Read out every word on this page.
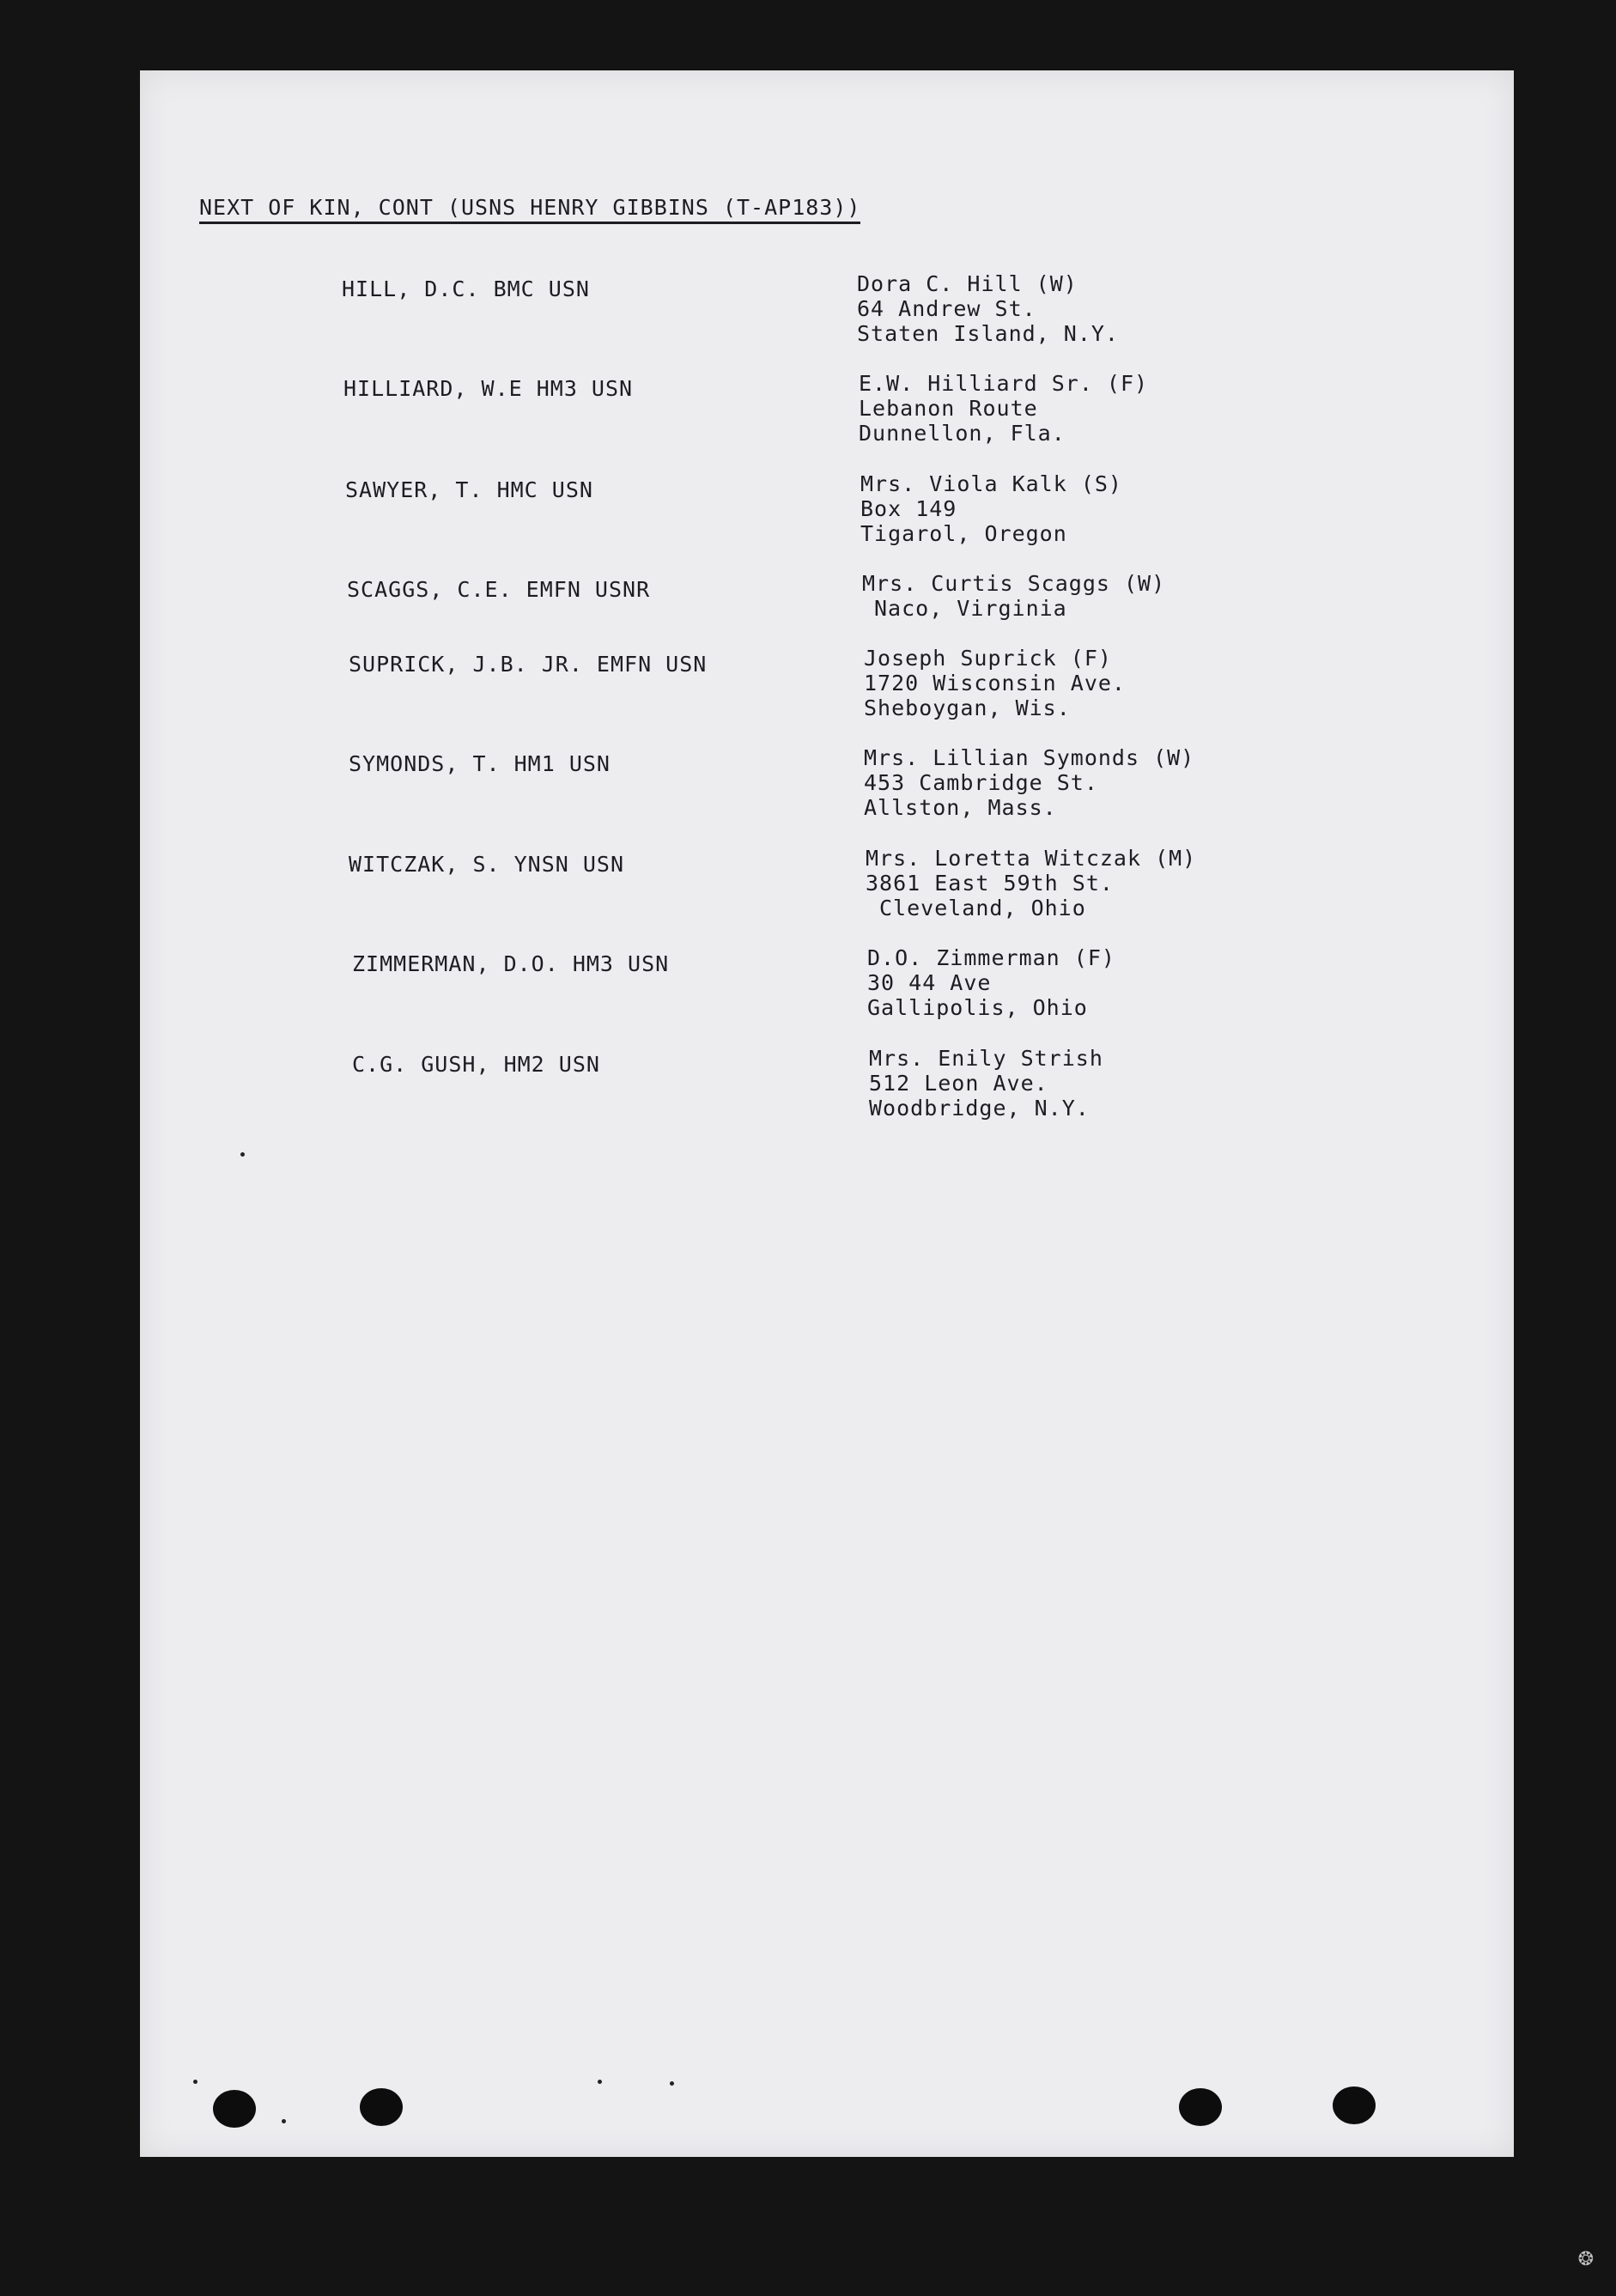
NEXT OF KIN, CONT (USNS HENRY GIBBINS (T-AP183))
HILL, D.C. BMC USN	Dora C. Hill (W)
64 Andrew St.
Staten Island, N.Y.
HILLIARD, W.E HM3 USN	E.W. Hilliard Sr. (F)
Lebanon Route
Dunnellon, Fla.
SAWYER, T. HMC USN	Mrs. Viola Kalk (S)
Box 149
Tigarol, Oregon
SCAGGS, C.E. EMFN USNR	Mrs. Curtis Scaggs (W)
Naco, Virginia
SUPRICK, J.B. JR. EMFN USN	Joseph Suprick (F)
1720 Wisconsin Ave.
Sheboygan, Wis.
SYMONDS, T. HM1 USN	Mrs. Lillian Symonds (W)
453 Cambridge St.
Allston, Mass.
WITCZAK, S. YNSN USN	Mrs. Loretta Witczak (M)
3861 East 59th St.
Cleveland, Ohio
ZIMMERMAN, D.O. HM3 USN	D.O. Zimmerman (F)
30 44 Ave
Gallipolis, Ohio
C.G. GUSH, HM2 USN	Mrs. Enily Strish
512 Leon Ave.
Woodbridge, N.Y.
❂
